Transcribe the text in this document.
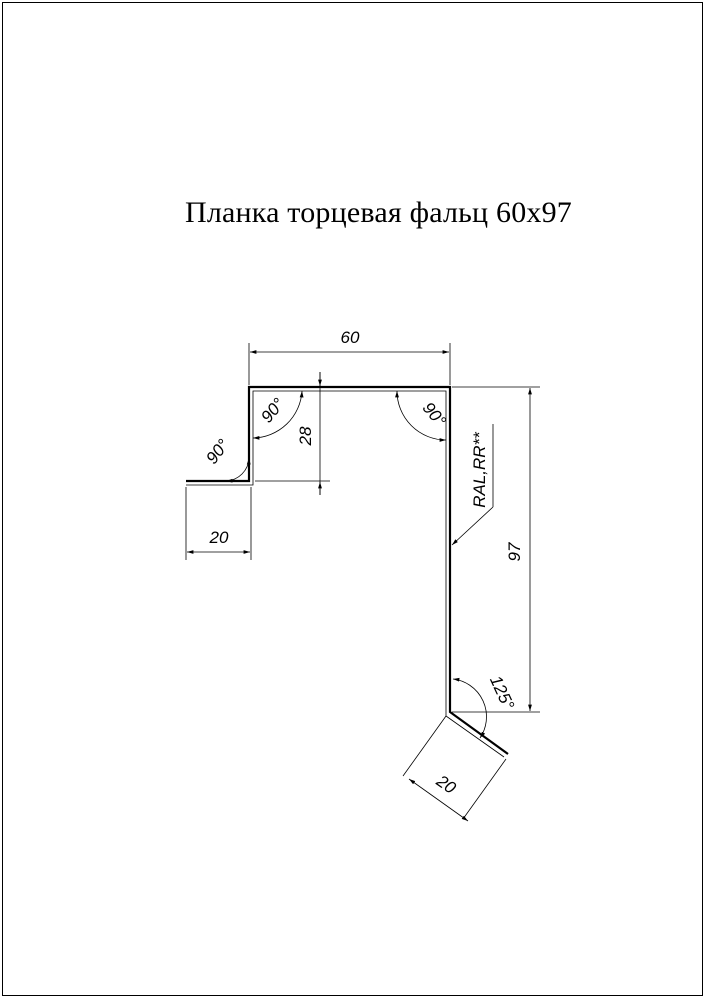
Планка торцевая фальц 60х97
60
97
28
20
20
90°
90°	90°
125°
RAL,RR**
